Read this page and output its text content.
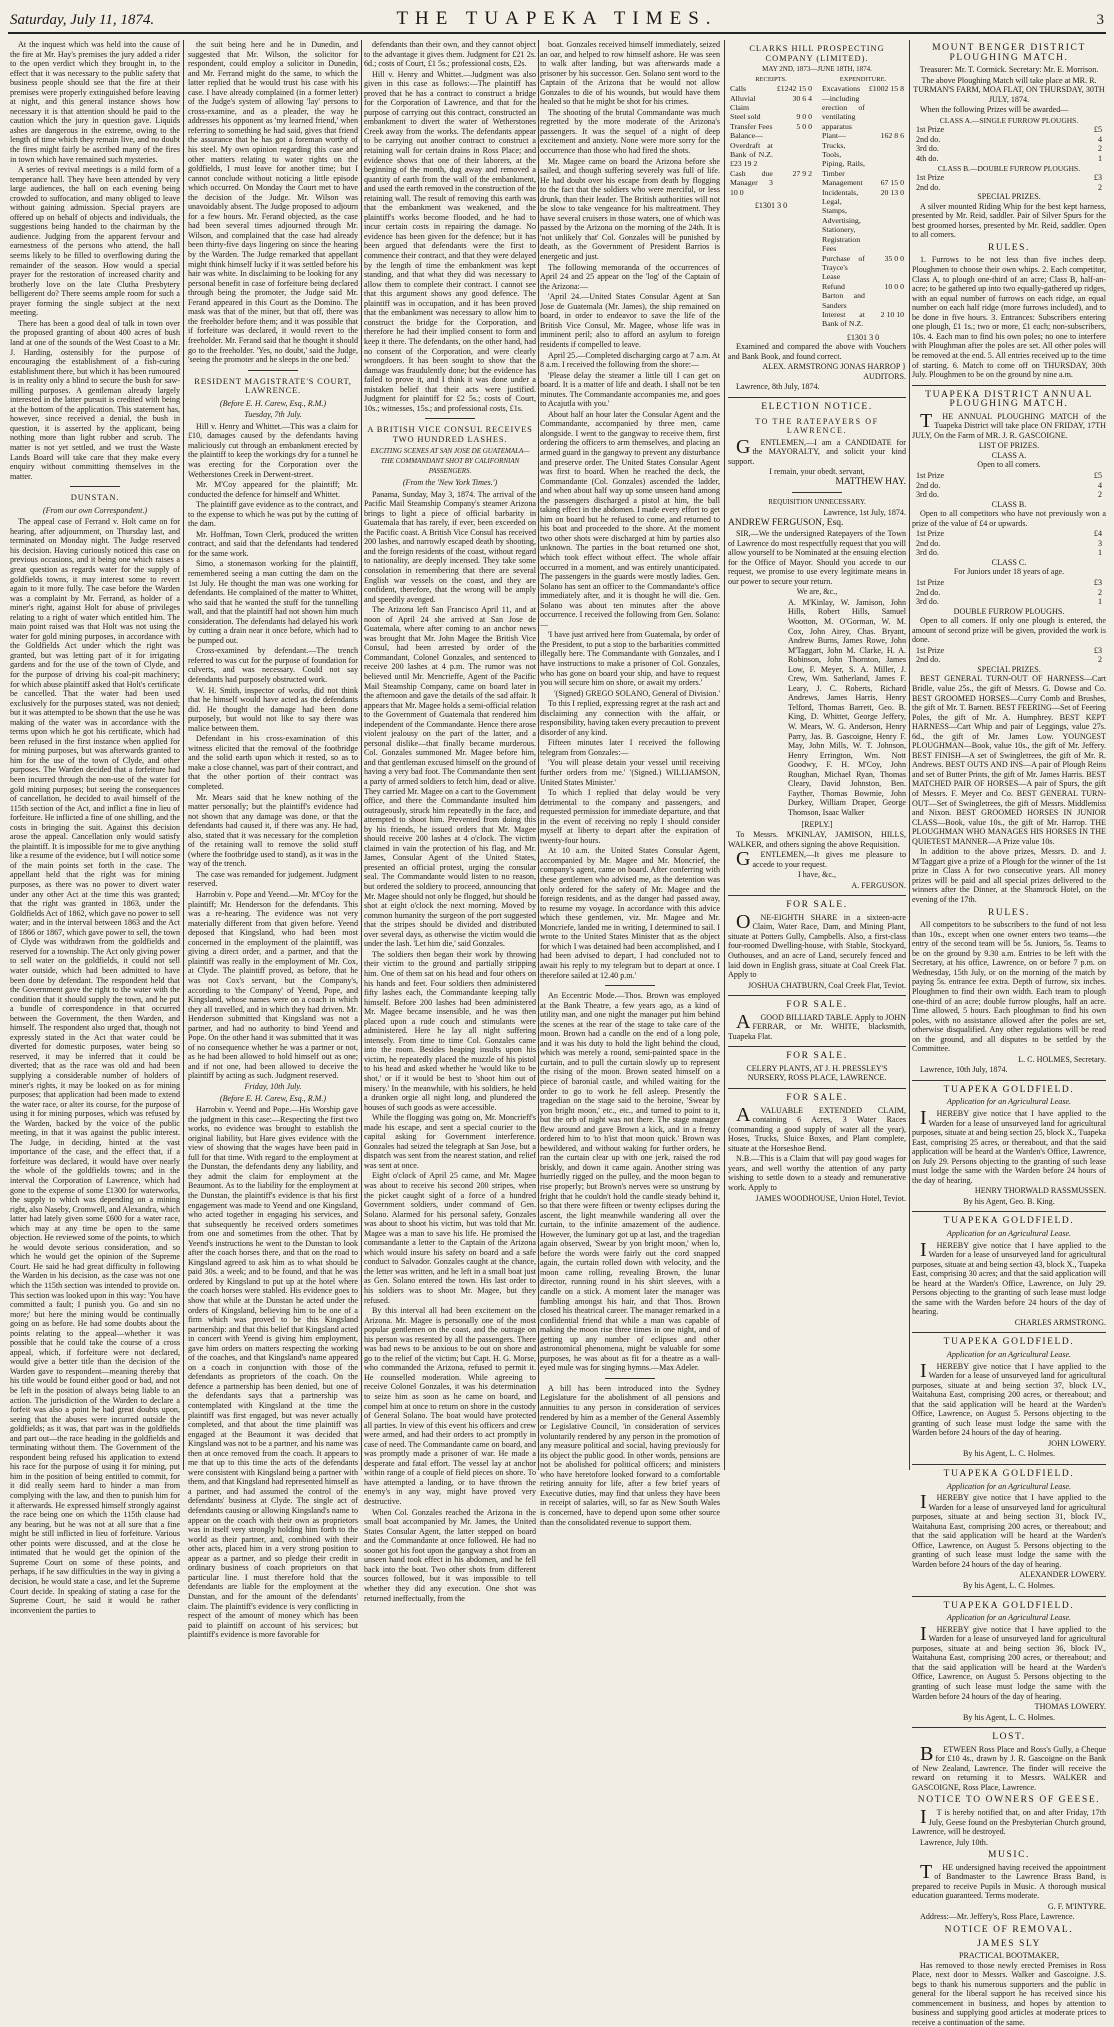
Saturday, July 11, 1874.	THE TUAPEKA TIMES.	3

At the inquest which was held into the cause of the fire at Mr. Hay's premises the jury added a rider to the open verdict which they brought in, to the effect that it was necessary to the public safety that business people should see that the fire at their premises were properly extinguished before leaving at night, and this general instance shows how necessary it is that attention should be paid to the caution which the jury in question gave. Liquids ashes are dangerous in the extreme, owing to the length of time which they remain live, and no doubt the fires might fairly be ascribed many of the fires in town which have remained such mysteries.

A series of revival meetings is a mild form of a temperance hall. They have been attended by very large audiences, the hall on each evening being crowded to suffocation, and many obliged to leave without gaining admission. Special prayers are offered up on behalf of objects and individuals, the suggestions being handed to the chairman by the audience. Judging from the apparent fervour and earnestness of the persons who attend, the hall seems likely to be filled to overflowing during the remainder of the season. How would a special prayer for the restoration of increased charity and brotherly love on the late Clutha Presbytery belligerent do? There seems ample room for such a prayer forming the single subject at the next meeting.

There has been a good deal of talk in town over the proposed granting of about 400 acres of bush land at one of the sounds of the West Coast to a Mr. J. Harding, ostensibly for the purpose of encouraging the establishment of a fish-curing establishment there, but which it has been rumoured is in reality only a blind to secure the bush for saw-milling purposes. A gentleman already largely interested in the latter pursuit is credited with being at the bottom of the application. This statement has, however, since received a denial, the bush in question, it is asserted by the applicant, being nothing more than light rubber and scrub. The matter is not yet settled, and we trust the Waste Lands Board will take care that they make every enquiry without committing themselves in the matter.

DUNSTAN.
(From our own Correspondent.)

The appeal case of Ferrand v. Holt came on for hearing, after adjournment, on Thursday last, and terminated on Monday night. The Judge reserved his decision. Having curiously noticed this case on previous occasions, and it being one which raises a great question as regards water for the supply of goldfields towns, it may interest some to revert again to it more fully. The case before the Warden was a complaint by Mr. Ferrand, as holder of a miner's right, against Holt for abuse of privileges relating to a right of water which entitled him. The main point raised was that Holt was not using the water for gold mining purposes, in accordance with the Goldfields Act under which the right was granted, but was letting part of it for irrigating gardens and for the use of the town of Clyde, and for the purpose of driving his coal-pit machinery; for which abuse plaintiff asked that Holt's certificate be cancelled. That the water had been used exclusively for the purposes stated, was not denied; but it was attempted to be shown that the use he was making of the water was in accordance with the terms upon which he got his certificate, which had been refused in the first instance when applied for for mining purposes, but was afterwards granted to him for the use of the town of Clyde, and other purposes. The Warden decided that a forfeiture had been incurred through the non-use of the water for gold mining purposes; but seeing the consequences of cancellation, he decided to avail himself of the 115th section of the Act, and inflict a fine in lieu of forfeiture. He inflicted a fine of one shilling, and the costs in bringing the suit. Against this decision arose the appeal. Cancellation only would satisfy the plaintiff. It is impossible for me to give anything like a resume of the evidence, but I will notice some of the main points set forth in the case. The appellant held that the right was for mining purposes, as there was no power to divert water under any other Act at the time this was granted; that the right was granted in 1863, under the Goldfields Act of 1862, which gave no power to sell water; and in the interval between 1863 and the Act of 1866 or 1867, which gave power to sell, the town of Clyde was withdrawn from the goldfields and reserved for a township. The Act only giving power to sell water on the goldfields, it could not sell water outside, which had been admitted to have been done by defendant. The respondent held that the Government gave the right to the water with the condition that it should supply the town, and he put a bundle of correspondence in that occurred between the Government, the then Warden, and himself. The respondent also urged that, though not expressly stated in the Act that water could be diverted for domestic purposes, water being so reserved, it may be inferred that it could be diverted; that as the race was old and had been supplying a considerable number of holders of miner's rights, it may be looked on as for mining purposes; that application had been made to extend the water race, or alter its course, for the purpose of using it for mining purposes, which was refused by the Warden, backed by the voice of the public meeting, in that it was against the public interest. The Judge, in deciding, hinted at the vast importance of the case, and the effect that, if a forfeiture was declared, it would have over nearly the whole of the goldfields towns; and in the interval the Corporation of Lawrence, which had gone to the expense of some £1300 for waterworks, the supply to which was depending on a mining right, also Naseby, Cromwell, and Alexandra, which latter had lately given some £600 for a water race, which may at any time be open to the same objection. He reviewed some of the points, to which he would devote serious consideration, and so which he would get the opinion of the Supreme Court. He said he had great difficulty in following the Warden in his decision, as the case was not one which the 115th section was intended to provide on. This section was looked upon in this way: 'You have committed a fault; I punish you. Go and sin no more;' but here the mining would be continually going on as before. He had some doubts about the points relating to the appeal—whether it was possible that he could take the course of a cross appeal, which, if forfeiture were not declared, would give a better title than the decision of the Warden gave to respondent—meaning thereby that his title would be found either good or bad, and not be left in the position of always being liable to an action. The jurisdiction of the Warden to declare a forfeit was also a point he had great doubts upon, seeing that the abuses were incurred outside the goldfields; as it was, that part was in the goldfields and part out—the race heading in the goldfields and terminating without them. The Government of the respondent being refused his application to extend his race for the purpose of using it for mining, put him in the position of being entitled to commit, for it did really seem hard to hinder a man from complying with the law, and then to punish him for it afterwards. He expressed himself strongly against the race being one on which the 115th clause had any bearing, but he was not at all sure that a fine might be still inflicted in lieu of forfeiture. Various other points were discussed, and at the close he intimated that he would get the opinion of the Supreme Court on some of these points, and perhaps, if he saw difficulties in the way in giving a decision, he would state a case, and let the Supreme Court decide. In speaking of stating a case for the Supreme Court, he said it would be rather inconvenient the parties to

the suit being here and he in Dunedin, and suggested that Mr. Wilson, the solicitor for respondent, could employ a solicitor in Dunedin, and Mr. Ferrand might do the same, to which the latter replied that he would trust his case with his case. I have already complained (in a former letter) of the Judge's system of allowing 'lay' persons to cross-examine, and as a pleader, the way he addresses his opponent as 'my learned friend,' when referring to something he had said, gives that friend the assurance that he has got a foreman worthy of his steel. My own opinion regarding this case and other matters relating to water rights on the goldfields, I must leave for another time; but I cannot conclude without noticing a little episode which occurred. On Monday the Court met to have the decision of the Judge. Mr. Wilson was unavoidably absent. The Judge proposed to adjourn for a few hours. Mr. Ferand objected, as the case had been several times adjourned through Mr. Wilson, and complained that the case had already been thirty-five days lingering on since the hearing by the Warden. The Judge remarked that appellant might think himself lucky if it was settled before his hair was white. In disclaiming to be looking for any personal benefit in case of forfeiture being declared through being the promoter, the Judge said Mr. Ferand appeared in this Court as the Domino. The mask was that of the miner, but that off, there was the freeholder before them; and it was possible that if forfeiture was declared, it would revert to the freeholder. Mr. Ferand said that he thought it should go to the freeholder. 'Yes, no doubt,' said the Judge, 'seeing the promoter and he sleeps in the one bed.'

RESIDENT MAGISTRATE'S COURT, LAWRENCE.
(Before E. H. Carew, Esq., R.M.)
Tuesday, 7th July.

Hill v. Henry and Whittet.—This was a claim for £10, damages caused by the defendants having maliciously cut through an embankment erected by the plaintiff to keep the workings dry for a tunnel he was erecting for the Corporation over the Wetherstones Creek in Derwent-street.

Mr. M'Coy appeared for the plaintiff; Mr. conducted the defence for himself and Whittet.

The plaintiff gave evidence as to the contract, and to the expense to which he was put by the cutting of the dam.

Mr. Hoffman, Town Clerk, produced the written contract, and said that the defendants had tendered for the same work.

Simo, a stonemason working for the plaintiff, remembered seeing a man cutting the dam on the 1st July. He thought the man was one working for defendants. He complained of the matter to Whittet, who said that he wanted the stuff for the tunnelling wall, and that the plaintiff had not shown him much consideration. The defendants had delayed his work by cutting a drain near it once before, which had to be pumped out.

Cross-examined by defendant.—The trench referred to was cut for the purpose of foundation for culverts, and was necessary. Could not say defendants had purposely obstructed work.

W. H. Smith, inspector of works, did not think that he himself would have acted as the defendants did. He thought the damage had been done purposely, but would not like to say there was malice between them.

Defendant in his cross-examination of this witness elicited that the removal of the footbridge and the solid earth upon which it rested, so as to make a close channel, was part of their contract, and that the other portion of their contract was completed.

Mr. Mears said that he knew nothing of the matter personally; but the plaintiff's evidence had not shown that any damage was done, or that the defendants had caused it, if there was any. He had, also, stated that it was necessary for the completion of the retaining wall to remove the solid stuff (where the footbridge used to stand), as it was in the way of the trench.

The case was remanded for judgement. Judgment reserved.

Harrobin v. Pope and Yeend.—Mr. M'Coy for the plaintiff; Mr. Henderson for the defendants. This was a re-hearing. The evidence was not very materially different from that given before. Yeend deposed that Kingsland, who had been most concerned in the employment of the plaintiff, was giving a direct order, and a partner, and that the plaintiff was really in the employment of Mr. Cox, at Clyde. The plaintiff proved, as before, that he was not Cox's servant, but the Company's, according to 'the Company' of Yeend, Pope, and Kingsland, whose names were on a coach in which they all travelled, and in which they had driven. Mr. Henderson submitted that Kingsland was not a partner, and had no authority to bind Yeend and Pope. On the other hand it was submitted that it was of no consequence whether he was a partner or not, as he had been allowed to hold himself out as one; and if not one, had been allowed to deceive the plaintiff by acting as such. Judgment reserved.

Friday, 10th July.
(Before E. H. Carew, Esq., R.M.)

Harrobin v. Yeend and Pope.—His Worship gave the judgment in this case:—Respecting the first two works, no evidence was brought to establish the original liability, but Hare gives evidence with the view of showing that the wages have been paid in full for that time. With regard to the employment at the Dunstan, the defendants deny any liability, and they admit the claim for employment at the Beaumont. As to the liability for the employment at the Dunstan, the plaintiff's evidence is that his first engagement was made to Yeend and one Kingsland, who acted together in engaging his services, and that subsequently he received orders sometimes from one and sometimes from the other. That by Yeend's instructions he went to the Dunstan to look after the coach horses there, and that on the road to Kingsland agreed to ask him as to what should be paid 30s. a week; and to be found, and that he was ordered by Kingsland to put up at the hotel where the coach horses were stabled. His evidence goes to show that while at the Dunstan he acted under the orders of Kingsland, believing him to be one of a firm which was proved to be this Kingsland partnership: and that this belief that Kingsland acted in concert with Yeend is giving him employment, gave him orders on matters respecting the working of the coaches, and that Kingsland's name appeared on a coach in conjunction with those of the defendants as proprietors of the coach. On the defence a partnership has been denied, but one of the defendants says that a partnership was contemplated with Kingsland at the time the plaintiff was first engaged, but was never actually completed, and that about the time plaintiff was engaged at the Beaumont it was decided that Kingsland was not to be a partner, and his name was then at once removed from the coach. It appears to me that up to this time the acts of the defendants were consistent with Kingsland being a partner with them, and that Kingsland had represented himself as a partner, and had assumed the control of the defendants' business at Clyde. The single act of defendants causing or allowing Kingsland's name to appear on the coach with their own as proprietors was in itself very strongly holding him forth to the world as their partner, and, combined with their other acts, placed him in a very strong position to appear as a partner, and so pledge their credit in ordinary business of coach proprietors on that particular line. I must therefore hold that the defendants are liable for the employment at the Dunstan, and for the amount of the defendants' claim. The plaintiff's evidence is very conflicting in respect of the amount of money which has been paid to plaintiff on account of his services; but plaintiff's evidence is more favorable for

defendants than their own, and they cannot object to the advantage it gives them. Judgment for £21 2s. 6d.; costs of Court, £1 5s.; professional costs, £2s.

Hill v. Henry and Whittet.—Judgment was also given in this case as follows:—The plaintiff has proved that he has a contract to construct a bridge for the Corporation of Lawrence, and that for the purpose of carrying out this contract, constructed an embankment to divert the water of Wetherstones Creek away from the works. The defendants appear to be carrying out another contract to construct a retaining wall for certain drains in Ross Place; and evidence shows that one of their laborers, at the beginning of the month, dug away and removed a quantity of earth from the wall of the embankment, and used the earth removed in the construction of the retaining wall. The result of removing this earth was that the embankment was weakened, and the plaintiff's works become flooded, and he had to incur certain costs in repairing the damage. No evidence has been given for the defence; but it has been argued that defendants were the first to commence their contract, and that they were delayed by the length of time the embankment was kept standing, and that what they did was necessary to allow them to complete their contract. I cannot see that this argument shows any good defence. The plaintiff was in occupation, and it has been proved that the embankment was necessary to allow him to construct the bridge for the Corporation, and therefore he had their implied consent to form and keep it there. The defendants, on the other hand, had no consent of the Corporation, and were clearly wrongdoers. It has been sought to show that the damage was fraudulently done; but the evidence has failed to prove it, and I think it was done under a mistaken belief that their acts were justified. Judgment for plaintiff for £2 5s.; costs of Court, 10s.; witnesses, 15s.; and professional costs, £1s.

A BRITISH VICE CONSUL RECEIVES TWO HUNDRED LASHES.
EXCITING SCENES AT SAN JOSE DE GUATEMALA—THE COMMANDANT SHOT BY CALIFORNIAN PASSENGERS.
(From the 'New York Times.')

Panama, Sunday, May 3, 1874. The arrival of the Pacific Mail Steamship Company's steamer Arizona brings to light a piece of official barbarity in Guatemala that has rarely, if ever, been exceeded on the Pacific coast. A British Vice Consul has received 200 lashes, and narrowly escaped death by shooting, and the foreign residents of the coast, without regard to nationality, are deeply incensed. They take some consolation in remembering that there are several English war vessels on the coast, and they are confident, therefore, that the wrong will be amply and speedily avenged.

The Arizona left San Francisco April 11, and at noon of April 24 she arrived at San Jose de Guatemala, where after coming to an anchor news was brought that Mr. John Magee the British Vice Consul, had been arrested by order of the Commandant, Colonel Gonzales, and sentenced to receive 200 lashes at 4 p.m. The rumor was not believed until Mr. Mencrieffe, Agent of the Pacific Mail Steamship Company, came on board later in the afternoon and gave the details of the sad affair. It appears that Mr. Magee holds a semi-official relation to the Government of Guatemala that rendered him independent of the Commandante. Hence there arose violent jealousy on the part of the latter, and a personal dislike—that finally became murderous. Col. Gonzales summoned Mr. Magee before him, and that gentleman excused himself on the ground of having a very bad foot. The Commandante then sent a party of armed soldiers to fetch him, dead or alive. They carried Mr. Magee on a cart to the Government office, and there the Commandante insulted him outrageously, struck him repeatedly in the face, and attempted to shoot him. Prevented from doing this by his friends, he issued orders that Mr. Magee should receive 200 lashes at 4 o'clock. The victim claimed in vain the protection of his flag, and Mr. James, Consular Agent of the United States, presented an official protest, urging the consular seal. The Commandante would listen to no reason, but ordered the soldiery to proceed, announcing that Mr. Magee should not only be flogged, but should be shot at eight o'clock the next morning. Moved by common humanity the surgeon of the port suggested that the stripes should be divided and distributed over several days, as otherwise the victim would die under the lash. 'Let him die,' said Gonzales.

The soldiers then began their work by throwing their victim to the ground and partially stripping him. One of them sat on his head and four others on his hands and feet. Four soldiers then administered fifty lashes each, the Commandante keeping tally himself. Before 200 lashes had been administered Mr. Magee became insensible, and he was then placed upon a rude couch and stimulants were administered. Here he lay all night suffering intensely. From time to time Col. Gonzales came into the room. Besides heaping insults upon his victim, he repeatedly placed the muzzle of his pistol to his head and asked whether he 'would like to be shot,' or if it would be best to 'shoot him out of misery.' In the meanwhile, with his soldiers, he held a drunken orgie all night long, and plundered the houses of such goods as were accessible.

While the flogging was going on, Mr. Moncrieff's made his escape, and sent a special courier to the capital asking for Government interference. Gonzales had seized the telegraph at San Jose, but a dispatch was sent from the nearest station, and relief was sent at once.

Eight o'clock of April 25 came, and Mr. Magee was about to receive his second 200 stripes, when the picket caught sight of a force of a hundred Government soldiers, under command of Gen. Solano. Alarmed for his personal safety, Gonzales was about to shoot his victim, but was told that Mr. Magee was a man to save his life. He promised the commandante a letter to the Captain of the Arizona which would insure his safety on board and a safe conduct to Salvador. Gonzales caught at the chance, the letter was written, and he left in a small boat just as Gen. Solano entered the town. His last order to his soldiers was to shoot Mr. Magee, but they refused.

By this interval all had been excitement on the Arizona. Mr. Magee is personally one of the most popular gentlemen on the coast, and the outrage on his person was resented by all the passengers. There was bad news to be anxious to be out on shore and go to the relief of the victim; but Capt. H. G. Morse, who commanded the Arizona, refused to permit it. He counselled moderation. While agreeing to receive Colonel Gonzales, it was his determination to seize him as soon as he came on board, and compel him at once to return on shore in the custody of General Solano. The boat would have protected all parties. In view of this event his officers and crew were armed, and had their orders to act promptly in case of need. The Commandante came on board, and was promptly made a prisoner of war. He made a desperate and fatal effort. The vessel lay at anchor within range of a couple of field pieces on shore. To have attempted a landing, or to have thrown the enemy's in any way, might have proved very destructive.

When Col. Gonzales reached the Arizona in the small boat accompanied by Mr. James, the United States Consular Agent, the latter stepped on board and the Commandante at once followed. He had no sooner got his foot upon the gangway a shot from an unseen hand took effect in his abdomen, and he fell back into the boat. Two other shots from different sources followed, but it was impossible to tell whether they did any execution. One shot was returned ineffectually, from the

boat. Gonzales received himself immediately, seized an oar, and helped to row himself ashore. He was seen to walk after landing, but was afterwards made a prisoner by his successor. Gen. Solano sent word to the Captain of the Arizona that he would not allow Gonzales to die of his wounds, but would have them healed so that he might be shot for his crimes.

The shooting of the brutal Commandante was much regretted by the more moderate of the Arizona's passengers. It was the sequel of a night of deep excitement and anxiety. None were more sorry for the occurrence than those who had fired the shots.

Mr. Magee came on board the Arizona before she sailed, and though suffering severely was full of life. He had doubt over his escape from death by flogging to the fact that the soldiers who were merciful, or less drunk, than their leader. The British authorities will not be slow to take vengeance for his maltreatment. They have several cruisers in those waters, one of which was passed by the Arizona on the morning of the 24th. It is 'not unlikely that' Col. Gonzales will be punished by death, as the Government of President Barrios is energetic and just.

The following memoranda of the occurrences of April 24 and 25 appear on the 'log' of the Captain of the Arizona:—

'April 24.—United States Consular Agent at San Jose de Guatemala (Mr. James), the ship remained on board, in order to endeavor to save the life of the British Vice Consul, Mr. Magee, whose life was in imminent peril; also to afford an asylum to foreign residents if compelled to leave.

April 25.—Completed discharging cargo at 7 a.m. At 8 a.m. I received the following from the shore:—

'Please delay the steamer a little till I can get on board. It is a matter of life and death. I shall not be ten minutes. The Commandante accompanies me, and goes to Acajutla with you.'

About half an hour later the Consular Agent and the Commandante, accompanied by three men, came alongside. I went to the gangway to receive them, first ordering the officers to arm themselves, and placing an armed guard in the gangway to prevent any disturbance and preserve order. The United States Consular Agent was first to board. When he reached the deck, the Commandante (Col. Gonzales) ascended the ladder, and when about half way up some unseen hand among the passengers discharged a pistol at him, the ball taking effect in the abdomen. I made every effort to get him on board but he refused to come, and returned to his boat and proceeded to the shore. At the moment two other shots were discharged at him by parties also unknown. The parties in the boat returned one shot, which took effect without effect. The whole affair occurred in a moment, and was entirely unanticipated. The passengers in the guards were mostly ladies. Gen. Solano has sent an officer to the Commandante's office immediately after, and it is thought he will die. Gen. Solano was about ten minutes after the above occurrence. I received the following from Gen. Solano:—

'I have just arrived here from Guatemala, by order of the President, to put a stop to the barbarities committed illegally here. The Commandante with Gonzales, and I have instructions to make a prisoner of Col. Gonzales, who has gone on board your ship, and have to request you will secure him on shore, or await my orders.'

'(Signed) GREGO SOLANO, General of Division.'

To this I replied, expressing regret at the rash act and disclaiming any connection with the affair, or responsibility, having taken every precaution to prevent disorder of any kind.

Fifteen minutes later I received the following telegram from Gonzales:—

'You will please detain your vessel until receiving further orders from me.' '(Signed.) WILLIAMSON, United States Minister.'

To which I replied that delay would be very detrimental to the company and passengers, and requested permission for immediate departure, and that in the event of receiving no reply I should consider myself at liberty to depart after the expiration of twenty-four hours.

At 10 a.m. the United States Consular Agent, accompanied by Mr. Magee and Mr. Moncrief, the company's agent, came on board. After conferring with these gentlemen who advised me, as the detention was only ordered for the safety of Mr. Magee and the foreign residents, and as the danger had passed away, to resume my voyage. In accordance with this advice which these gentlemen, viz. Mr. Magee and Mr. Moncriefe, landed me in writing, I determined to sail. I wrote to the United States Minister that as the object for which I was detained had been accomplished, and I had been advised to depart, I had concluded not to await his reply to my telegram but to depart at once. I therefore sailed at 12.40 p.m.'

An Eccentric Mode.—Thos. Brown was employed at the Bank Theatre, a few years ago, as a kind of utility man, and one night the manager put him behind the scenes at the rear of the stage to take care of the moon. Brown had a candle on the end of a long pole, and it was his duty to hold the light behind the cloud, which was merely a round, semi-painted space in the curtain, and to pull the curtain slowly up to represent the rising of the moon. Brown seated himself on a piece of baronial castle, and whiled waiting for the order to go to work he fell asleep. Presently the tragedian on the stage said to the heroine, 'Swear by yon bright moon,' etc., etc., and turned to point to it, but the orb of night was not there. The stage manager flew around and gave Brown a kick, and in a frenzy ordered him to 'to h'ist that moon quick.' Brown was bewildered, and without waking for further orders, he ran the curtain clear up with one jerk, raised the rod briskly, and down it came again. Another string was hurriedly rigged on the pulley, and the moon began to rise properly; but Brown's nerves were so unstrung by fright that he couldn't hold the candle steady behind it, so that there were fifteen or twenty eclipses during the ascent, the light meanwhile wandering all over the curtain, to the infinite amazement of the audience. However, the luminary got up at last, and the tragedian again observed, 'Swear by yon bright moon,' when lo, before the words were fairly out the cord snapped again, the curtain rolled down with velocity, and the moon came rolling, revealing Brown, the lunar director, running round in his shirt sleeves, with a candle on a stick. A moment later the manager was fumbling amongst his hair, and that Thos. Brown closed his theatrical career. The manager remarked in a confidential friend that while a man was capable of making the moon rise three times in one night, and of getting up any number of eclipses and other astronomical phenomena, might be valuable for some purposes, he was about as fit for a theatre as a wall-eyed mule was for singing hymns.—Max Adeler.

A bill has been introduced into the Sydney Legislature for the abolishment of all pensions and annuities to any person in consideration of services rendered by him as a member of the General Assembly or Legislative Council, 'in consideration of services voluntarily rendered by any person in the promotion of any measure political and social, having previously for its object the public good. In other words, pensions are not be abolished for political officers; and ministers who have heretofore looked forward to a comfortable retiring annuity for life, after a few brief years of Executive duties, may find that unless they have been in receipt of salaries, will, so far as New South Wales is concerned, have to depend upon some other source than the consolidated revenue to support them.

CLARKS HILL PROSPECTING COMPANY (LIMITED).
MAY 2ND, 1873—JUNE 18TH, 1874.
RECEIPTS.
Calls	£1242 15 0
Alluvial Claim	30 6 4
Steel sold	9 0 0
Transfer Fees	5 0 0
Balance—Overdraft at Bank of N.Z. £23 19 2	
Cash due Manager 3 10 0	27 9 2
£1301 3 0
EXPENDITURE.
Excavations—including erection of ventilating apparatus	£1002 15 8
Plant—Trucks, Tools, Piping, Rails, Timber	162 8 6
Management	67 15 0
Incidentals, Legal, Stamps, Advertising, Stationery, Registration Fees	20 13 0
Purchase of Trayce's Lease	35 0 0
Refund Barton and Sanders	10 0 0
Interest at Bank of N.Z.	2 10 10
£1301 3 0

Examined and compared the above with Vouchers and Bank Book, and found correct.

ALEX. ARMSTRONG JONAS HARROP } AUDITORS.

Lawrence, 8th July, 1874.

ELECTION NOTICE.
TO THE RATEPAYERS OF LAWRENCE.

GENTLEMEN,—I am a CANDIDATE for the MAYORALTY, and solicit your kind support.

I remain, your obedt. servant,

MATTHEW HAY.

REQUISITION UNNECESSARY.

Lawrence, 1st July, 1874.

ANDREW FERGUSON, Esq.

SIR,—We the undersigned Ratepayers of the Town of Lawrence do most respectfully request that you will allow yourself to be Nominated at the ensuing election for the Office of Mayor. Should you accede to our request, we promise to use every legitimate means in our power to secure your return.

We are, &c.,

A. M'Kinlay, W. Jamison, John Hills, Robert Hills, Samuel Wootton, M. O'Gorman, W. M. Cox, John Airey, Chas. Bryant, Andrew Burns, James Rowe, John M'Taggart, John M. Clarke, H. A. Robinson, John Thornton, James Low, F. Meyer, S. A. Miller, J. Crew, Wm. Satherland, James F. Leary, J. C. Roberts, Richard Andrews, James Harris, Henry Telford, Thomas Barrett, Geo. B. King, D. Whittet, George Jeffery, W. Mears, W. G. Anderson, Henry Parry, Jas. B. Gascoigne, Henry F. May, John Mills, W. T. Johnson, Henry Errington, Wm. Nott Goodwy, F. H. M'Coy, John Roughan, Michael Ryan, Thomas Cleary, David Johnston, Ben. Fayther, Thomas Bowmie, John Durkey, William Draper, George Thomson, Isaac Walker

[REPLY.]

To Messrs. M'KINLAY, JAMISON, HILLS, WALKER, and others signing the above Requisition.

GENTLEMEN,—It gives me pleasure to accede to your request.

I have, &c.,

A. FERGUSON.

FOR SALE.

ONE-EIGHTH SHARE in a sixteen-acre Claim, Water Race, Dam, and Mining Plant, situate at Potters Gully, Campbells. Also, a first-class four-roomed Dwelling-house, with Stable, Stockyard, Outhouses, and an acre of Land, securely fenced and laid down in English grass, situate at Coal Creek Flat. Apply to

JOSHUA CHATBURN, Coal Creek Flat, Teviot.

FOR SALE.

AGOOD BILLIARD TABLE. Apply to JOHN FERRAR, or Mr. WHITE, blacksmith, Tuapeka Flat.

FOR SALE.

CELERY PLANTS, AT J. H. PRESSLEY'S NURSERY, ROSS PLACE, LAWRENCE.

FOR SALE.

AVALUABLE EXTENDED CLAIM, containing 6 Acres, 3 Water Races (commanding a good supply of water all the year), Hoses, Trucks, Sluice Boxes, and Plant complete, situate at the Horseshoe Bend.

N.B.—This is a Claim that will pay good wages for years, and well worthy the attention of any party wishing to settle down to a steady and remunerative work. Apply to

JAMES WOODHOUSE, Union Hotel, Teviot.

MOUNT BENGER DISTRICT PLOUGHING MATCH.

Treasurer: Mr. T. Cormick. Secretary: Mr. E. Morrison.

The above Ploughing Match will take place at MR. R. TURMAN'S FARM, MOA FLAT, ON THURSDAY, 30TH JULY, 1874.

When the following Prizes will be awarded—

CLASS A.—SINGLE FURROW PLOUGHS.
1st Prize	£5
2nd do.	4
3rd do.	2
4th do.	1
CLASS B.—DOUBLE FURROW PLOUGHS.
1st Prize	£3
2nd do.	2
SPECIAL PRIZES.

A silver mounted Riding Whip for the best kept harness, presented by Mr. Reid, saddler. Pair of Silver Spurs for the best groomed horses, presented by Mr. Reid, saddler. Open to all comers.

RULES.

1. Furrows to be not less than five inches deep. Ploughmen to choose their own whips. 2. Each competitor, Class A, to plough one-third of an acre; Class B, half-an-acre; to be gathered up into two equally-gathered up ridges, with an equal number of furrows on each ridge, an equal number on each half ridge (more furrows included), and to be done in five hours. 3. Entrances: Subscribers entering one plough, £1 1s.; two or more, £1 each; non-subscribers, 10s. 4. Each man to find his own poles; no one to interfere with Ploughman after the poles are set. All other poles will be removed at the end. 5. All entries received up to the time of starting. 6. Match to come off on THURSDAY, 30th July. Ploughmen to be on the ground by nine a.m.

TUAPEKA DISTRICT ANNUAL PLOUGHING MATCH.

THE ANNUAL PLOUGHING MATCH of the Tuapeka District will take place ON FRIDAY, 17TH JULY, On the Farm of MR. J. R. GASCOIGNE.

LIST OF PRIZES.
CLASS A.

Open to all comers.

1st Prize	£5
2nd do.	4
3rd do.	2
CLASS B.

Open to all competitors who have not previously won a prize of the value of £4 or upwards.

1st Prize	£4
2nd do.	3
3rd do.	1
CLASS C.

For Juniors under 18 years of age.

1st Prize	£3
2nd do.	2
3rd do.	1
DOUBLE FURROW PLOUGHS.

Open to all comers. If only one plough is entered, the amount of second prize will be given, provided the work is done.

1st Prize	£3
2nd do.	2
SPECIAL PRIZES.

BEST GENERAL TURN-OUT OF HARNESS—Cart Bridle, value 25s., the gift of Messrs. G. Dowse and Co. BEST GROOMED HORSES—Curry Comb and Brushes, the gift of Mr. T. Barnett. BEST FEERING—Set of Feering Poles, the gift of Mr. A. Humphrey. BEST KEPT HARNESS—Cart Whip and pair of Leggings, value 27s. 6d., the gift of Mr. James Low. YOUNGEST PLOUGHMAN—Book, value 10s., the gift of Mr. Jeffery. BEST FINISH—A set of Swingletrees, the gift of Mr. R. Andrews. BEST OUTS AND INS—A pair of Plough Reins and set of Butter Prints, the gift of Mr. James Harris. BEST MATCHED PAIR OF HORSES—A pair of Spurs, the gift of Messrs. F. Meyer and Co. BEST GENERAL TURN-OUT—Set of Swingletrees, the gift of Messrs. Middlemiss and Nixon. BEST GROOMED HORSES IN JUNIOR CLASS—Book, value 10s., the gift of Mr. Harrop. THE PLOUGHMAN WHO MANAGES HIS HORSES IN THE QUIETEST MANNER—A Prize value 10s.

In addition to the above prizes, Messrs. D. and J. M'Taggart give a prize of a Plough for the winner of the 1st prize in Class A for two consecutive years. All money prizes will be paid and all special prizes delivered to the winners after the Dinner, at the Shamrock Hotel, on the evening of the 17th.

RULES.

All competitors to be subscribers to the fund of not less than 10s., except when one owner enters two teams—the entry of the second team will be 5s. Juniors, 5s. Teams to be on the ground by 9.30 a.m. Entries to be left with the Secretary, at his office, Lawrence, on or before 7 p.m. on Wednesday, 15th July, or on the morning of the match by paying 5s. entrance fee extra. Depth of furrow, six inches. Ploughmen to find their own width. Each team to plough one-third of an acre; double furrow ploughs, half an acre. Time allowed, 5 hours. Each ploughman to find his own poles, with no assistance allowed after the poles are set, otherwise disqualified. Any other regulations will be read on the ground, and all disputes to be settled by the Committee.

L. C. HOLMES, Secretary.

Lawrence, 10th July, 1874.

TUAPEKA GOLDFIELD.
Application for an Agricultural Lease.

IHEREBY give notice that I have applied to the Warden for a lease of unsurveyed land for agricultural purposes, situate at and being section 25, block X., Tuapeka East, comprising 25 acres, or thereabout, and that the said application will be heard at the Warden's Office, Lawrence, on July 29. Persons objecting to the granting of such lease must lodge the same with the Warden before 24 hours of the day of hearing.

HENRY THORWALD RASSMUSSEN.

By his Agent, Geo. B. King.

TUAPEKA GOLDFIELD.
Application for an Agricultural Lease.

IHEREBY give notice that I have applied to the Warden for a lease of unsurveyed land for agricultural purposes, situate at and being section 43, block X., Tuapeka East, comprising 30 acres; and that the said application will be heard at the Warden's Office, Lawrence, on July 29. Persons objecting to the granting of such lease must lodge the same with the Warden before 24 hours of the day of hearing.

CHARLES ARMSTRONG.

TUAPEKA GOLDFIELD.
Application for an Agricultural Lease.

IHEREBY give notice that I have applied to the Warden for a lease of unsurveyed land for agricultural purposes, situate at and being section 37, block I.V., Waitahuna East, comprising 200 acres, or thereabout; and that the said application will be heard at the Warden's Office, Lawrence, on August 5. Persons objecting to the granting of such lease must lodge the same with the Warden before 24 hours of the day of hearing.

JOHN LOWERY.

By his Agent, L. C. Holmes.

TUAPEKA GOLDFIELD.
Application for an Agricultural Lease.

IHEREBY give notice that I have applied to the Warden for a lease of unsurveyed land for agricultural purposes, situate at and being section 31, block IV., Waitahuna East, comprising 200 acres, or thereabout; and that the said application will be heard at the Warden's Office, Lawrence, on August 5. Persons objecting to the granting of such lease must lodge the same with the Warden before 24 hours of the day of hearing.

ALEXANDER LOWERY.

By his Agent, L. C. Holmes.

TUAPEKA GOLDFIELD.
Application for an Agricultural Lease.

IHEREBY give notice that I have applied to the Warden for a lease of unsurveyed land for agricultural purposes, situate at and being section 36, block IV., Waitahuna East, comprising 200 acres, or thereabout; and that the said application will be heard at the Warden's Office, Lawrence, on August 5. Persons objecting to the granting of such lease must lodge the same with the Warden before 24 hours of the day of hearing.

THOMAS LOWERY.

By his Agent, L. C. Holmes.

LOST.

BETWEEN Ross Place and Ross's Gully, a Cheque for £10 4s., drawn by J. R. Gascoigne on the Bank of New Zealand, Lawrence. The finder will receive the reward on returning it to Messrs. WALKER and GASCOIGNE, Ross Place, Lawrence.

NOTICE TO OWNERS OF GEESE.

IT is hereby notified that, on and after Friday, 17th July, Geese found on the Presbyterian Church ground, Lawrence, will be destroyed.

Lawrence, July 10th.

MUSIC.

THE undersigned having received the appointment of Bandmaster to the Lawrence Brass Band, is prepared to receive Pupils in Music. A thorough musical education guaranteed. Terms moderate.

G. F. M'INTYRE.

Address:—Mr. Jeffery's, Ross Place, Lawrence.

NOTICE OF REMOVAL.
JAMES SLY
PRACTICAL BOOTMAKER,

Has removed to those newly erected Premises in Ross Place, next door to Messrs. Walker and Gascoigne. J.S. begs to thank his numerous supporters and the public in general for the liberal support he has received since his commencement in business, and hopes by attention to business and supplying good articles at moderate prices to receive a continuation of the same.
